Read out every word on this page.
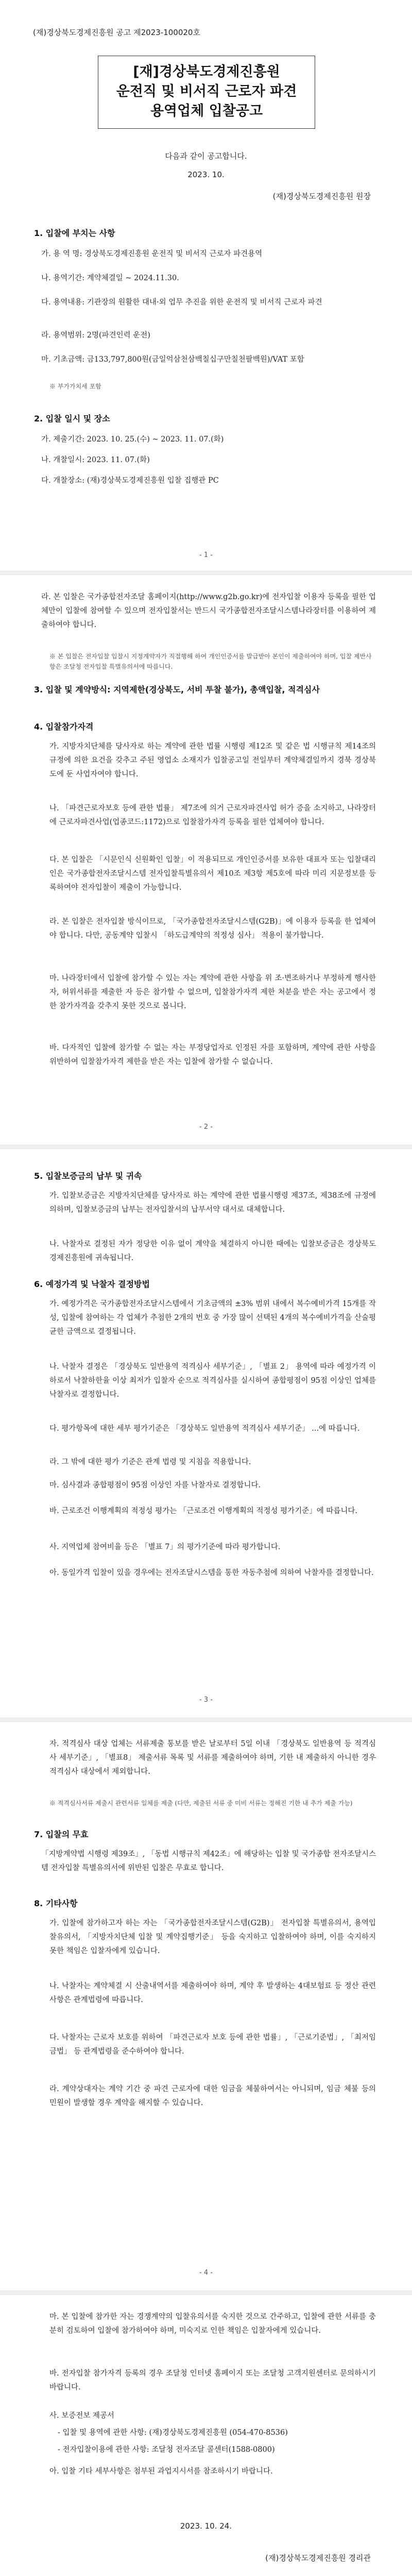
(재)경상북도경제진흥원 공고 제2023-100020호
[재]경상북도경제진흥원
운전직 및 비서직 근로자 파견
용역업체 입찰공고
다음과 같이 공고합니다.
2023. 10.
(재)경상북도경제진흥원 원장
1. 입찰에 부치는 사항
가. 용 역 명: 경상북도경제진흥원 운전직 및 비서직 근로자 파견용역
나. 용역기간: 계약체결일 ~ 2024.11.30.
다. 용역내용: 기관장의 원활한 대내·외 업무 추진을 위한 운전직 및 비서직 근로자 파견
라. 용역범위: 2명(파견인력 운전)
마. 기초금액: 금133,797,800원(금일억삼천삼백칠십구만칠천팔백원)/VAT 포함
※ 부가가치세 포함
2. 입찰 일시 및 장소
가. 제출기간: 2023. 10. 25.(수) ~ 2023. 11. 07.(화)
나. 개찰일시: 2023. 11. 07.(화)
다. 개찰장소: (재)경상북도경제진흥원 입찰 집행관 PC
- 1 -
라. 본 입찰은 국가종합전자조달 홈페이지(http://www.g2b.go.kr)에 전자입찰 이용자 등록을 필한 업체만이 입찰에 참여할 수 있으며 전자입찰서는 반드시 국가종합전자조달시스템나라장터를 이용하여 제출하여야 합니다.
※ 본 입찰은 전자입찰 입찰시 지정계약자가 직접행해 하여 개인인증서를 발급받아 본인이 제출하여야 하며, 입찰 제반사항은 조달청 전자입찰 특별유의서에 따릅니다.
3. 입찰 및 계약방식: 지역제한(경상북도, 서비 투찰 불가), 총액입찰, 적격심사
4. 입찰참가자격
가. 지방자치단체를 당사자로 하는 계약에 관한 법률 시행령 제12조 및 같은 법 시행규칙 제14조의 규정에 의한 요건을 갖추고 주된 영업소 소재지가 입찰공고일 전일부터 계약체결일까지 경북 경상북도에 둔 사업자여야 합니다.
나. 「파견근로자보호 등에 관한 법률」 제7조에 의거 근로자파견사업 허가 증을 소지하고, 나라장터에 근로자파견사업(업종코드:1172)으로 입찰참가자격 등록을 필한 업체여야 합니다.
다. 본 입찰은 「시문인식 신원확인 입찰」이 적용되므로 개인인증서를 보유한 대표자 또는 입찰대리인은 국가종합전자조달시스템 전자입찰특별유의서 제10조 제3항 제5호에 따라 미리 지문정보를 등록하여야 전자입찰이 제출이 가능합니다.
라. 본 입찰은 전자입찰 방식이므로, 「국가종합전자조달시스템(G2B)」에 이용자 등록을 한 업체여야 합니다. 다만, 공동계약 입찰시 「하도급계약의 적정성 심사」 적용이 불가합니다.
마. 나라장터에서 입찰에 참가할 수 있는 자는 계약에 관한 사항을 위 조·변조하거나 부정하게 행사한 자, 허위서류를 제출한 자 등은 참가할 수 없으며, 입찰참가자격 제한 처분을 받은 자는 공고에서 정한 참가자격을 갖추지 못한 것으로 봅니다.
바. 다자적인 입찰에 참가할 수 없는 자는 부정당업자로 인정된 자를 포함하며, 계약에 관한 사항을 위반하여 입찰참가자격 제한을 받은 자는 입찰에 참가할 수 없습니다.
- 2 -
5. 입찰보증금의 납부 및 귀속
가. 입찰보증금은 지방자치단체를 당사자로 하는 계약에 관한 법률시행령 제37조, 제38조에 규정에 의하며, 입찰보증금의 납부는 전자입찰서의 납부서약 대서로 대체합니다.
나. 낙찰자로 결정된 자가 정당한 이유 없이 계약을 체결하지 아니한 때에는 입찰보증금은 경상북도경제진흥원에 귀속됩니다.
6. 예정가격 및 낙찰자 결정방법
가. 예정가격은 국가종합전자조달시스템에서 기초금액의 ±3% 범위 내에서 복수예비가격 15개를 작성, 입찰에 참여하는 각 업체가 추첨한 2개의 번호 중 가장 많이 선택된 4개의 복수예비가격을 산술평균한 금액으로 결정됩니다.
나. 낙찰자 결정은 「경상북도 일반용역 적격심사 세부기준」, 「별표 2」 용역에 따라 예정가격 이하로서 낙찰하한율 이상 최저가 입찰자 순으로 적격심사를 실시하여 종합평점이 95점 이상인 업체를 낙찰자로 결정합니다.
다. 평가항목에 대한 세부 평가기준은 「경상북도 일반용역 적격심사 세부기준」 ...에 따릅니다.
라. 그 밖에 대한 평가 기준은 관계 법령 및 지침을 적용합니다.
마. 심사결과 종합평점이 95점 이상인 자를 낙찰자로 결정합니다.
바. 근로조건 이행계획의 적정성 평가는 「근로조건 이행계획의 적정성 평가기준」에 따릅니다.
사. 지역업체 참여비율 등은 「별표 7」의 평가기준에 따라 평가합니다.
아. 동일가격 입찰이 있을 경우에는 전자조달시스템을 통한 자동추첨에 의하여 낙찰자를 결정합니다.
- 3 -
자. 적격심사 대상 업체는 서류제출 통보를 받은 날로부터 5일 이내 「경상북도 일반용역 등 적격심사 세부기준」, 「별표8」 제출서류 목록 및 서류를 제출하여야 하며, 기한 내 제출하지 아니한 경우 적격심사 대상에서 제외합니다.
※ 적격심사서류 제출시 관련서류 일체를 제출 (다만, 제출된 서류 중 미비 서류는 정해진 기한 내 추가 제출 가능)
7. 입찰의 무효
「지방계약법 시행령 제39조」, 「동법 시행규칙 제42조」에 해당하는 입찰 및 국가종합 전자조달시스템 전자입찰 특별유의서에 위반된 입찰은 무효로 합니다.
8. 기타사항
가. 입찰에 참가하고자 하는 자는 「국가종합전자조달시스템(G2B)」 전자입찰 특별유의서, 용역입찰유의서, 「지방자치단체 입찰 및 계약집행기준」 등을 숙지하고 입찰하여야 하며, 이를 숙지하지 못한 책임은 입찰자에게 있습니다.
나. 낙찰자는 계약체결 시 산출내역서를 제출하여야 하며, 계약 후 발생하는 4대보험료 등 정산 관련 사항은 관계법령에 따릅니다.
다. 낙찰자는 근로자 보호를 위하여 「파견근로자 보호 등에 관한 법률」, 「근로기준법」, 「최저임금법」 등 관계법령을 준수하여야 합니다.
라. 계약상대자는 계약 기간 중 파견 근로자에 대한 임금을 체불하여서는 아니되며, 임금 체불 등의 민원이 발생할 경우 계약을 해지할 수 있습니다.
- 4 -
마. 본 입찰에 참가한 자는 경쟁계약의 입찰유의서를 숙지한 것으로 간주하고, 입찰에 관한 서류를 충분히 검토하여 입찰에 참가하여야 하며, 미숙지로 인한 책임은 입찰자에게 있습니다.
바. 전자입찰 참가자격 등록의 경우 조달청 인터넷 홈페이지 또는 조달청 고객지원센터로 문의하시기 바랍니다.
사. 보증전보 제공서
- 입찰 및 용역에 관한 사항: (재)경상북도경제진흥원 (054-470-8536)
- 전자입찰이용에 관한 사항: 조달청 전자조달 콜센터(1588-0800)
아. 입찰 기타 세부사항은 첨부된 과업지시서를 참조하시기 바랍니다.
2023. 10. 24.
(재)경상북도경제진흥원 경리관
